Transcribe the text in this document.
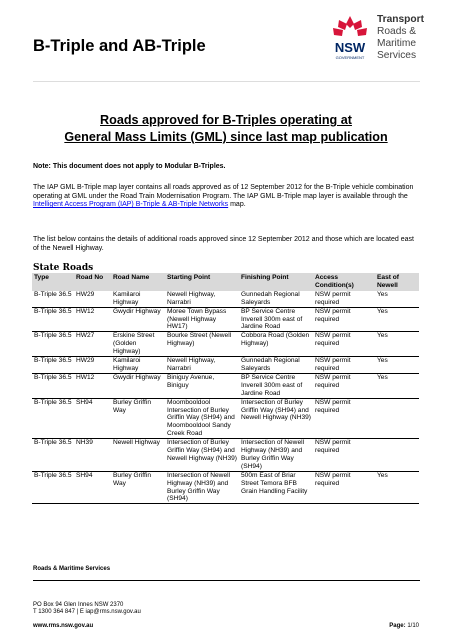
B-Triple and AB-Triple	NSW
GOVERNMENT
Transport
Roads & Maritime
Services
Roads approved for B-Triples operating at
General Mass Limits (GML) since last map publication
Note: This document does not apply to Modular B-Triples.
The IAP GML B-Triple map layer contains all roads approved as of 12 September 2012 for the B-Triple vehicle combination operating at GML under the Road Train Modernisation Program. The IAP GML B-Triple map layer is available through the Intelligent Access Program (IAP) B-Triple & AB-Triple Networks map.
The list below contains the details of additional roads approved since 12 September 2012 and those which are located east of the Newell Highway.
State Roads
Type	Road No	Road Name	Starting Point	Finishing Point	Access Condition(s)	East of Newell
B-Triple 36.5	HW29	Kamilaroi Highway	Newell Highway, Narrabri	Gunnedah Regional Saleyards	NSW permit required	Yes
B-Triple 36.5	HW12	Gwydir Highway	Moree Town Bypass (Newell Highway HW17)	BP Service Centre Inverell 300m east of Jardine Road	NSW permit required	Yes
B-Triple 36.5	HW27	Erskine Street (Golden Highway)	Bourke Street (Newell Highway)	Cobbora Road (Golden Highway)	NSW permit required	Yes
B-Triple 36.5	HW29	Kamilaroi Highway	Newell Highway, Narrabri	Gunnedah Regional Saleyards	NSW permit required	Yes
B-Triple 36.5	HW12	Gwydir Highway	Biniguy Avenue, Biniguy	BP Service Centre Inverell 300m east of Jardine Road	NSW permit required	Yes
B-Triple 36.5	SH94	Burley Griffin Way	Moombooldool Intersection of Burley Griffin Way (SH94) and Moombooldool Sandy Creek Road	Intersection of Burley Griffin Way (SH94) and Newell Highway (NH39)	NSW permit required	
B-Triple 36.5	NH39	Newell Highway	Intersection of Burley Griffin Way (SH94) and Newell Highway (NH39)	Intersection of Newell Highway (NH39) and Burley Griffin Way (SH94)	NSW permit required	
B-Triple 36.5	SH94	Burley Griffin Way	Intersection of Newell Highway (NH39) and Burley Griffin Way (SH94)	500m East of Briar Street Temora BFB Grain Handling Facility	NSW permit required	Yes
Roads & Maritime Services
PO Box 94 Glen Innes NSW 2370
T 1300 364 847 | E iap@rms.nsw.gov.au
www.rms.nsw.gov.au	Page: 1/10
